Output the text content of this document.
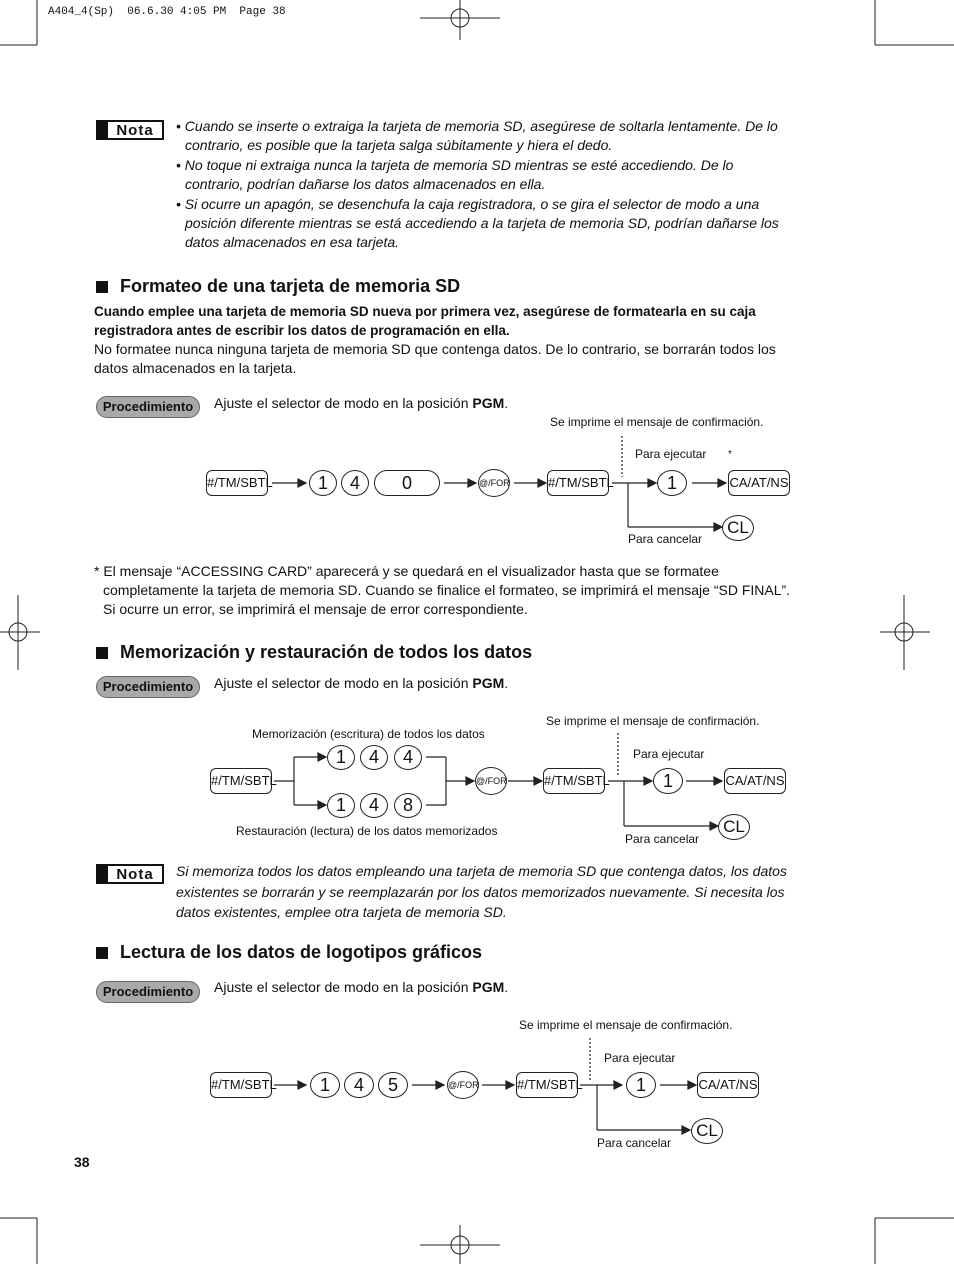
A404_4(Sp)  06.6.30 4:05 PM  Page 38
Nota	• Cuando se inserte o extraiga la tarjeta de memoria SD, asegúrese de soltarla lentamente. De lo

contrario, es posible que la tarjeta salga súbitamente y hiera el dedo.

• No toque ni extraiga nunca la tarjeta de memoria SD mientras se esté accediendo. De lo

contrario, podrían dañarse los datos almacenados en ella.

• Si ocurre un apagón, se desenchufa la caja registradora, o se gira el selector de modo a una

posición diferente mientras se está accediendo a la tarjeta de memoria SD, podrían dañarse los

datos almacenados en esa tarjeta.

Formateo de una tarjeta de memoria SD
Cuando emplee una tarjeta de memoria SD nueva por primera vez, asegúrese de formatearla en su caja
registradora antes de escribir los datos de programación en ella.
No formatee nunca ninguna tarjeta de memoria SD que contenga datos. De lo contrario, se borrarán todos los
datos almacenados en la tarjeta.
Procedimiento	Ajuste el selector de modo en la posición PGM.
#/TM/SBTL	1	4	0	@/FOR	#/TM/SBTL	1	CA/AT/NS
CL
Se imprime el mensaje de confirmación.
Para ejecutar *
Para cancelar
* El mensaje “ACCESSING CARD” aparecerá y se quedará en el visualizador hasta que se formatee
completamente la tarjeta de memoria SD. Cuando se finalice el formateo, se imprimirá el mensaje “SD FINAL”.
Si ocurre un error, se imprimirá el mensaje de error correspondiente.
Memorización y restauración de todos los datos
Procedimiento	Ajuste el selector de modo en la posición PGM.
Memorización (escritura) de todos los datos
Restauración (lectura) de los datos memorizados
#/TM/SBTL
1	4	4
1	4	8
@/FOR	#/TM/SBTL	1	CA/AT/NS
CL
Se imprime el mensaje de confirmación.
Para ejecutar
Para cancelar
Nota	Si memoriza todos los datos empleando una tarjeta de memoria SD que contenga datos, los datos

existentes se borrarán y se reemplazarán por los datos memorizados nuevamente. Si necesita los

datos existentes, emplee otra tarjeta de memoria SD.

Lectura de los datos de logotipos gráficos
Procedimiento	Ajuste el selector de modo en la posición PGM.
#/TM/SBTL	1	4	5	@/FOR	#/TM/SBTL	1	CA/AT/NS
CL
Se imprime el mensaje de confirmación.
Para ejecutar
Para cancelar
38
